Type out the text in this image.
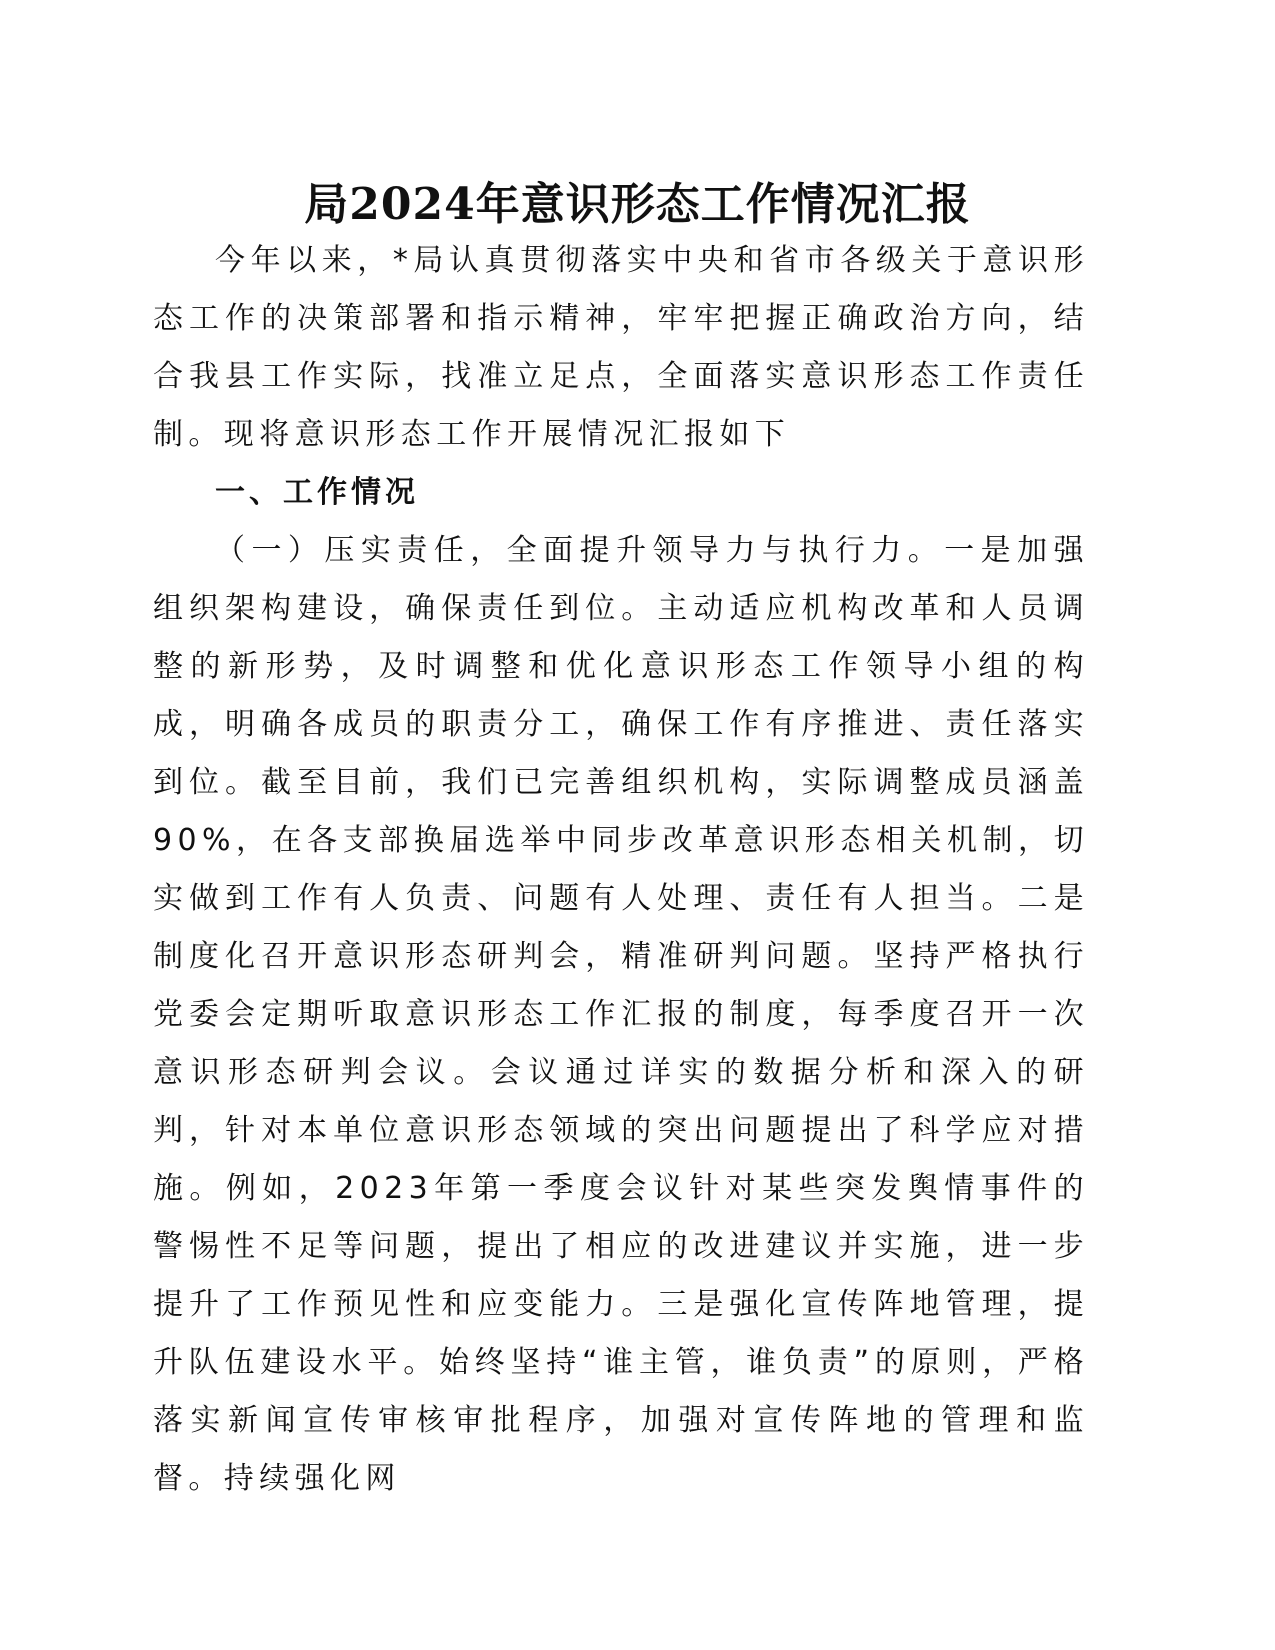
局2024年意识形态工作情况汇报

今年以来，*局认真贯彻落实中央和省市各级关于意识形态工作的决策部署和指示精神，牢牢把握正确政治方向，结合我县工作实际，找准立足点，全面落实意识形态工作责任制。现将意识形态工作开展情况汇报如下

一、工作情况

（一）压实责任，全面提升领导力与执行力。一是加强组织架构建设，确保责任到位。主动适应机构改革和人员调整的新形势，及时调整和优化意识形态工作领导小组的构成，明确各成员的职责分工，确保工作有序推进、责任落实到位。截至目前，我们已完善组织机构，实际调整成员涵盖90%，在各支部换届选举中同步改革意识形态相关机制，切实做到工作有人负责、问题有人处理、责任有人担当。二是制度化召开意识形态研判会，精准研判问题。坚持严格执行党委会定期听取意识形态工作汇报的制度，每季度召开一次意识形态研判会议。会议通过详实的数据分析和深入的研判，针对本单位意识形态领域的突出问题提出了科学应对措施。例如，2023年第一季度会议针对某些突发舆情事件的警惕性不足等问题，提出了相应的改进建议并实施，进一步提升了工作预见性和应变能力。三是强化宣传阵地管理，提升队伍建设水平。始终坚持“谁主管，谁负责”的原则，严格落实新闻宣传审核审批程序，加强对宣传阵地的管理和监督。持续强化网
